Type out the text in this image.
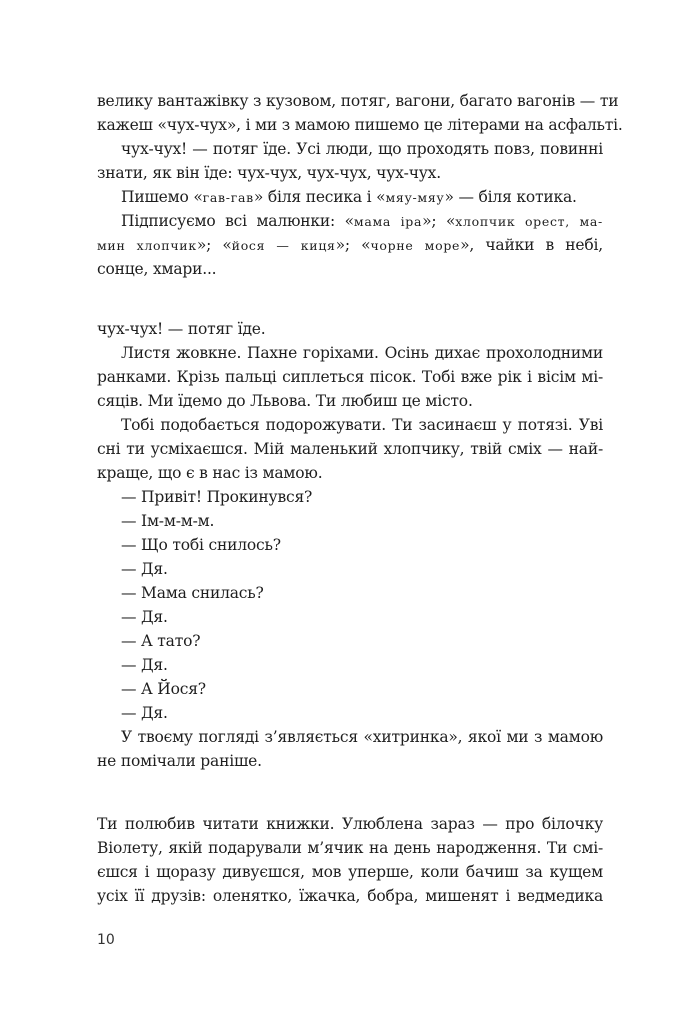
велику вантажівку з кузовом, потяг, вагони, багато вагонів — ти
кажеш «чух-чух», і ми з мамою пишемо це літерами на асфальті.
чух-чух! — потяг їде. Усі люди, що проходять повз, повинні
знати, як він їде: чух-чух, чух-чух, чух-чух.
Пишемо «гав-гав» біля песика і «мяу-мяу» — біля котика.
Підписуємо всі малюнки: «мама іра»; «хлопчик орест, ма-
мин хлопчик»; «йося — киця»; «чорне море», чайки в небі,
сонце, хмари...
чух-чух! — потяг їде.
Листя жовкне. Пахне горіхами. Осінь дихає прохолодними
ранками. Крізь пальці сиплеться пісок. Тобі вже рік і вісім мі-
сяців. Ми їдемо до Львова. Ти любиш це місто.
Тобі подобається подорожувати. Ти засинаєш у потязі. Уві
сні ти усміхаєшся. Мій маленький хлопчику, твій сміх — най-
краще, що є в нас із мамою.
— Привіт! Прокинувся?
— Ім-м-м-м.
— Що тобі снилось?
— Дя.
— Мама снилась?
— Дя.
— А тато?
— Дя.
— А Йося?
— Дя.
У твоєму погляді з’являється «хитринка», якої ми з мамою
не помічали раніше.
Ти полюбив читати книжки. Улюблена зараз — про білочку
Віолету, якій подарували м’ячик на день народження. Ти смі-
єшся і щоразу дивуєшся, мов уперше, коли бачиш за кущем
усіх її друзів: оленятко, їжачка, бобра, мишенят і ведмедика
10
